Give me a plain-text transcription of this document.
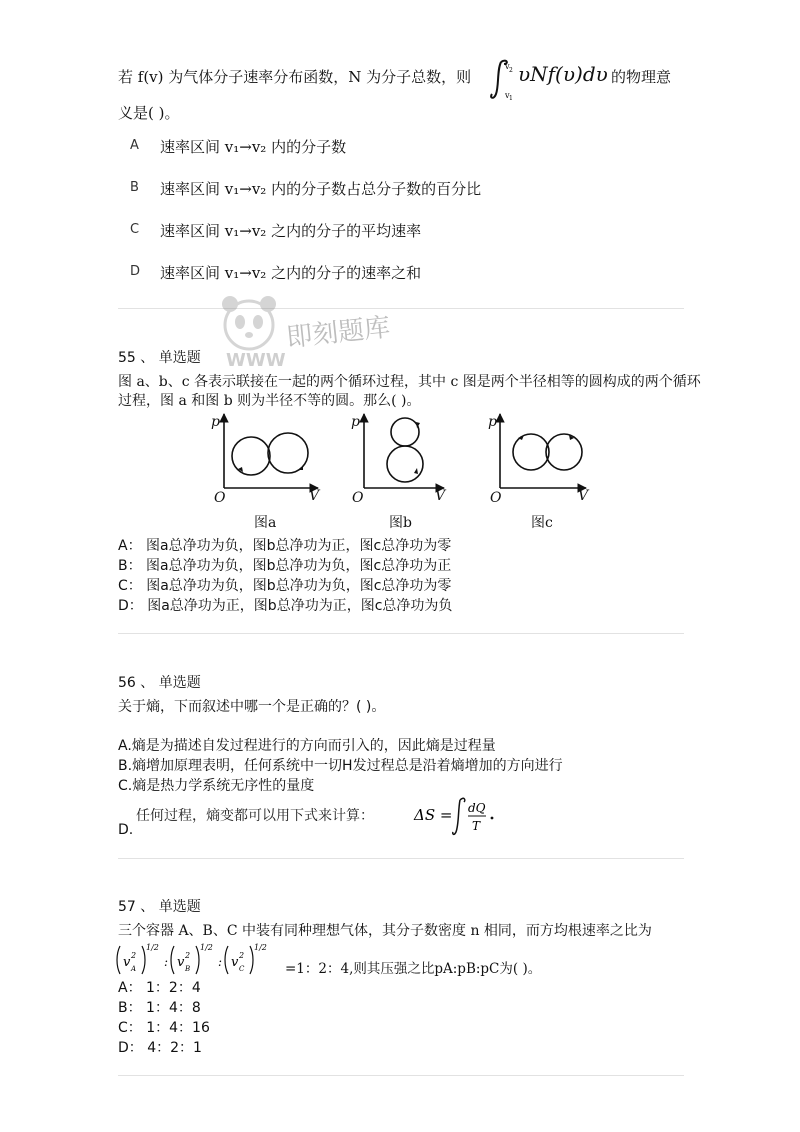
若 f(v) 为气体分子速率分布函数，N 为分子总数，则
v 2
v 1
υNf(υ)dυ 的物理意
义是( )。
A 速率区间 v₁→v₂ 内的分子数
B 速率区间 v₁→v₂ 内的分子数占总分子数的百分比
C 速率区间 v₁→v₂ 之内的分子的平均速率
D 速率区间 v₁→v₂ 之内的分子的速率之和
即刻题库
WWW
55 、 单选题
图 a、b、c 各表示联接在一起的两个循环过程，其中 c 图是两个半径相等的圆构成的两个循环
过程，图 a 和图 b 则为半径不等的圆。那么( )。
p
O	V
图a
p
O	V
图b
p
O	V
图c
A： 图a总净功为负，图b总净功为正，图c总净功为零
B： 图a总净功为负，图b总净功为负，图c总净功为正
C： 图a总净功为负，图b总净功为负，图c总净功为零
D： 图a总净功为正，图b总净功为正，图c总净功为负
56 、 单选题
关于熵，下而叙述中哪一个是正确的？( )。
A.熵是为描述自发过程进行的方向而引入的，因此熵是过程量
B.熵增加原理表明，任何系统中一切H发过程总是沿着熵增加的方向进行
C.熵是热力学系统无序性的量度
任何过程，熵变都可以用下式来计算：	ΔS = dQ
T
D.
57 、 单选题
三个容器 A、B、C 中装有同种理想气体，其分子数密度 n 相同，而方均根速率之比为
v 2
A
1/2
: v 2
B
1/2
: v 2
C
1/2
=1：2：4,则其压强之比pA:pB:pC为( )。
A： 1：2：4
B： 1：4：8
C： 1：4：16
D： 4：2：1
